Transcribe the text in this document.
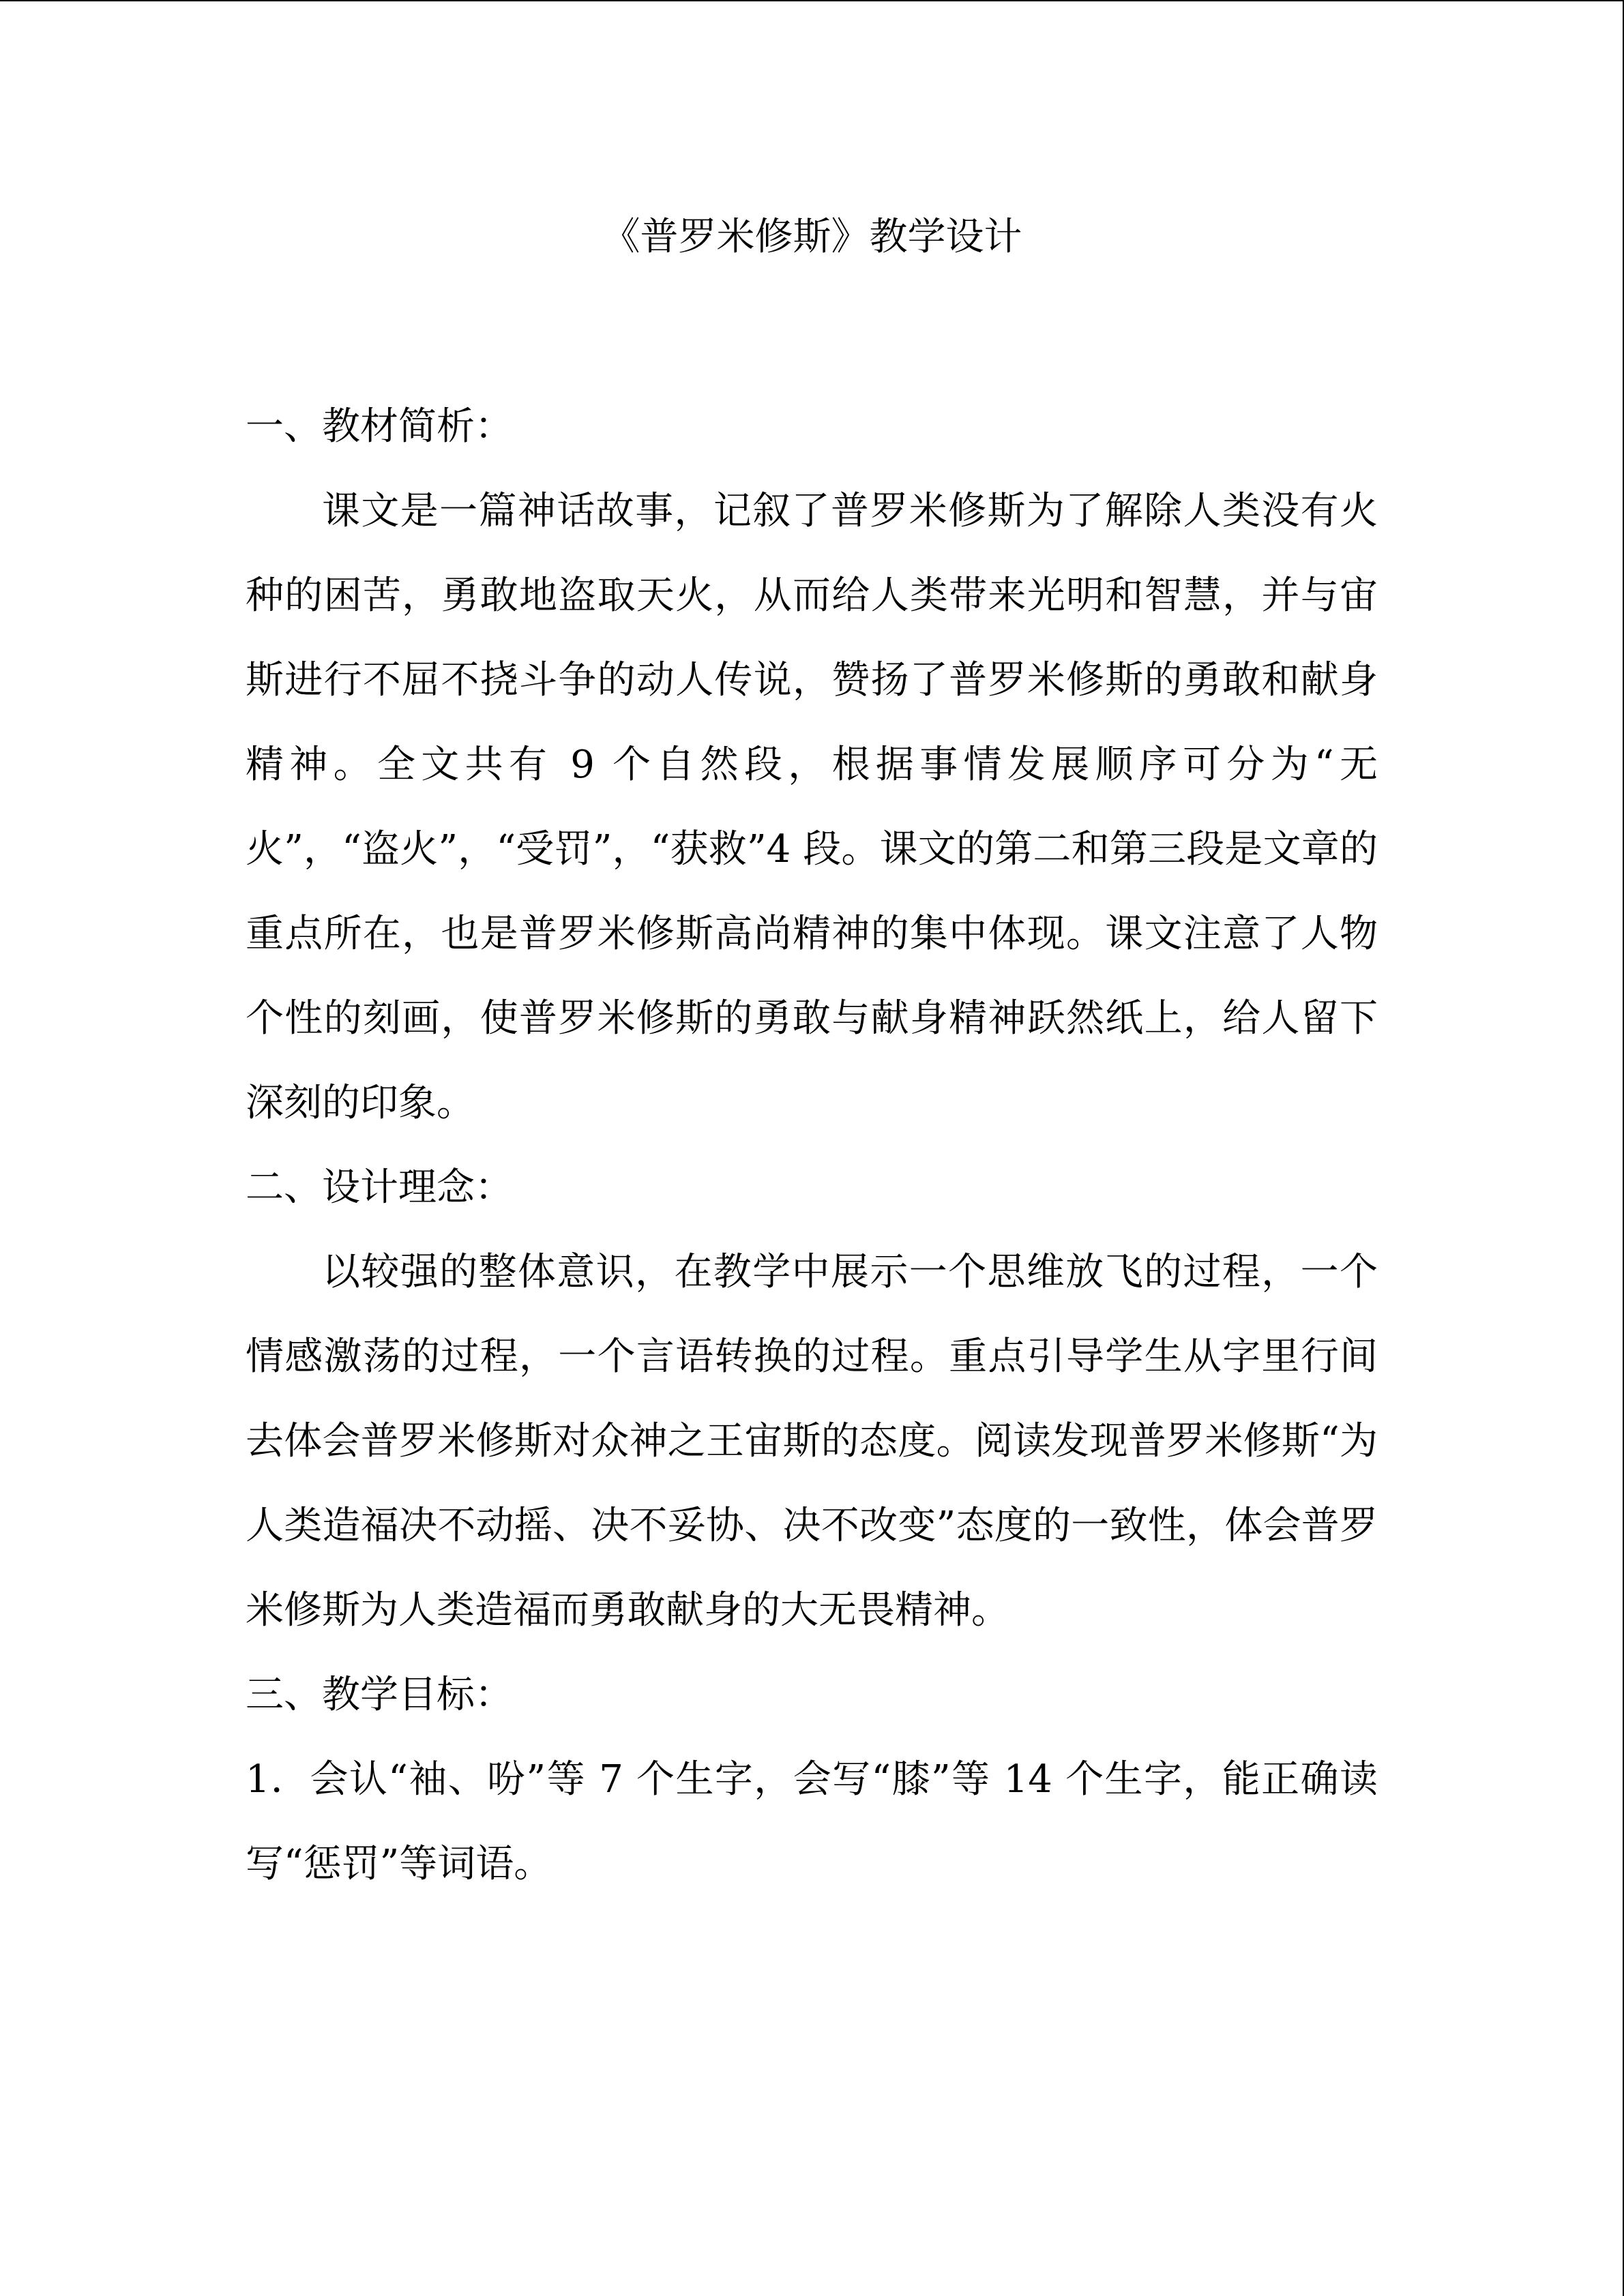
《普罗米修斯》教学设计
一、教材简析：

课文是一篇神话故事，记叙了普罗米修斯为了解除人类没有火种的困苦，勇敢地盗取天火，从而给人类带来光明和智慧，并与宙斯进行不屈不挠斗争的动人传说，赞扬了普罗米修斯的勇敢和献身精神。全文共有 9 个自然段，根据事情发展顺序可分为“无火”，“盗火”，“受罚”，“获救”4 段。课文的第二和第三段是文章的重点所在，也是普罗米修斯高尚精神的集中体现。课文注意了人物个性的刻画，使普罗米修斯的勇敢与献身精神跃然纸上，给人留下深刻的印象。

二、设计理念：

以较强的整体意识，在教学中展示一个思维放飞的过程，一个情感激荡的过程，一个言语转换的过程。重点引导学生从字里行间去体会普罗米修斯对众神之王宙斯的态度。阅读发现普罗米修斯“为人类造福决不动摇、决不妥协、决不改变”态度的一致性，体会普罗米修斯为人类造福而勇敢献身的大无畏精神。

三、教学目标：

1．会认“袖、吩”等 7 个生字，会写“膝”等 14 个生字，能正确读写“惩罚”等词语。
